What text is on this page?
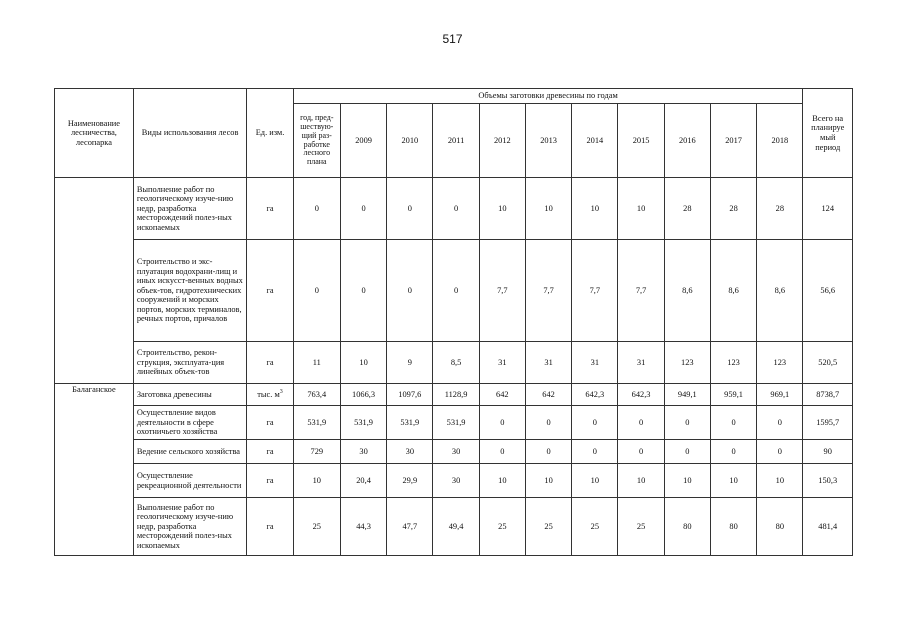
517
Наименование лесничества, лесопарка	Виды использования лесов	Ед. изм.	Объемы заготовки древесины по годам											Всего на планируе мый период
			год, пред-шествую-щий раз-работке лесного плана	2009	2010	2011	2012	2013	2014	2015	2016	2017	2018	
	Выполнение работ по геологическому изуче-нию недр, разработка месторождений полез-ных ископаемых	га	0	0	0	0	10	10	10	10	28	28	28	124
	Строительство и экс-плуатация водохрани-лищ и иных искусст-венных водных объек-тов, гидротехнических сооружений и морских портов, морских терминалов, речных портов, причалов	га	0	0	0	0	7,7	7,7	7,7	7,7	8,6	8,6	8,6	56,6
	Строительство, рекон-струкция, эксплуата-ция линейных объек-тов	га	11	10	9	8,5	31	31	31	31	123	123	123	520,5
Балаганское	Заготовка древесины	тыс. $м^3$	763,4	1066,3	1097,6	1128,9	642	642	642,3	642,3	949,1	959,1	969,1	8738,7
	Осуществление видов деятельности в сфере охотничьего хозяйства	га	531,9	531,9	531,9	531,9	0	0	0	0	0	0	0	1595,7
	Ведение сельского хозяйства	га	729	30	30	30	0	0	0	0	0	0	0	90
	Осуществление рекреационной деятельности	га	10	20,4	29,9	30	10	10	10	10	10	10	10	150,3
	Выполнение работ по геологическому изуче-нию недр, разработка месторождений полез-ных ископаемых	га	25	44,3	47,7	49,4	25	25	25	25	80	80	80	481,4
